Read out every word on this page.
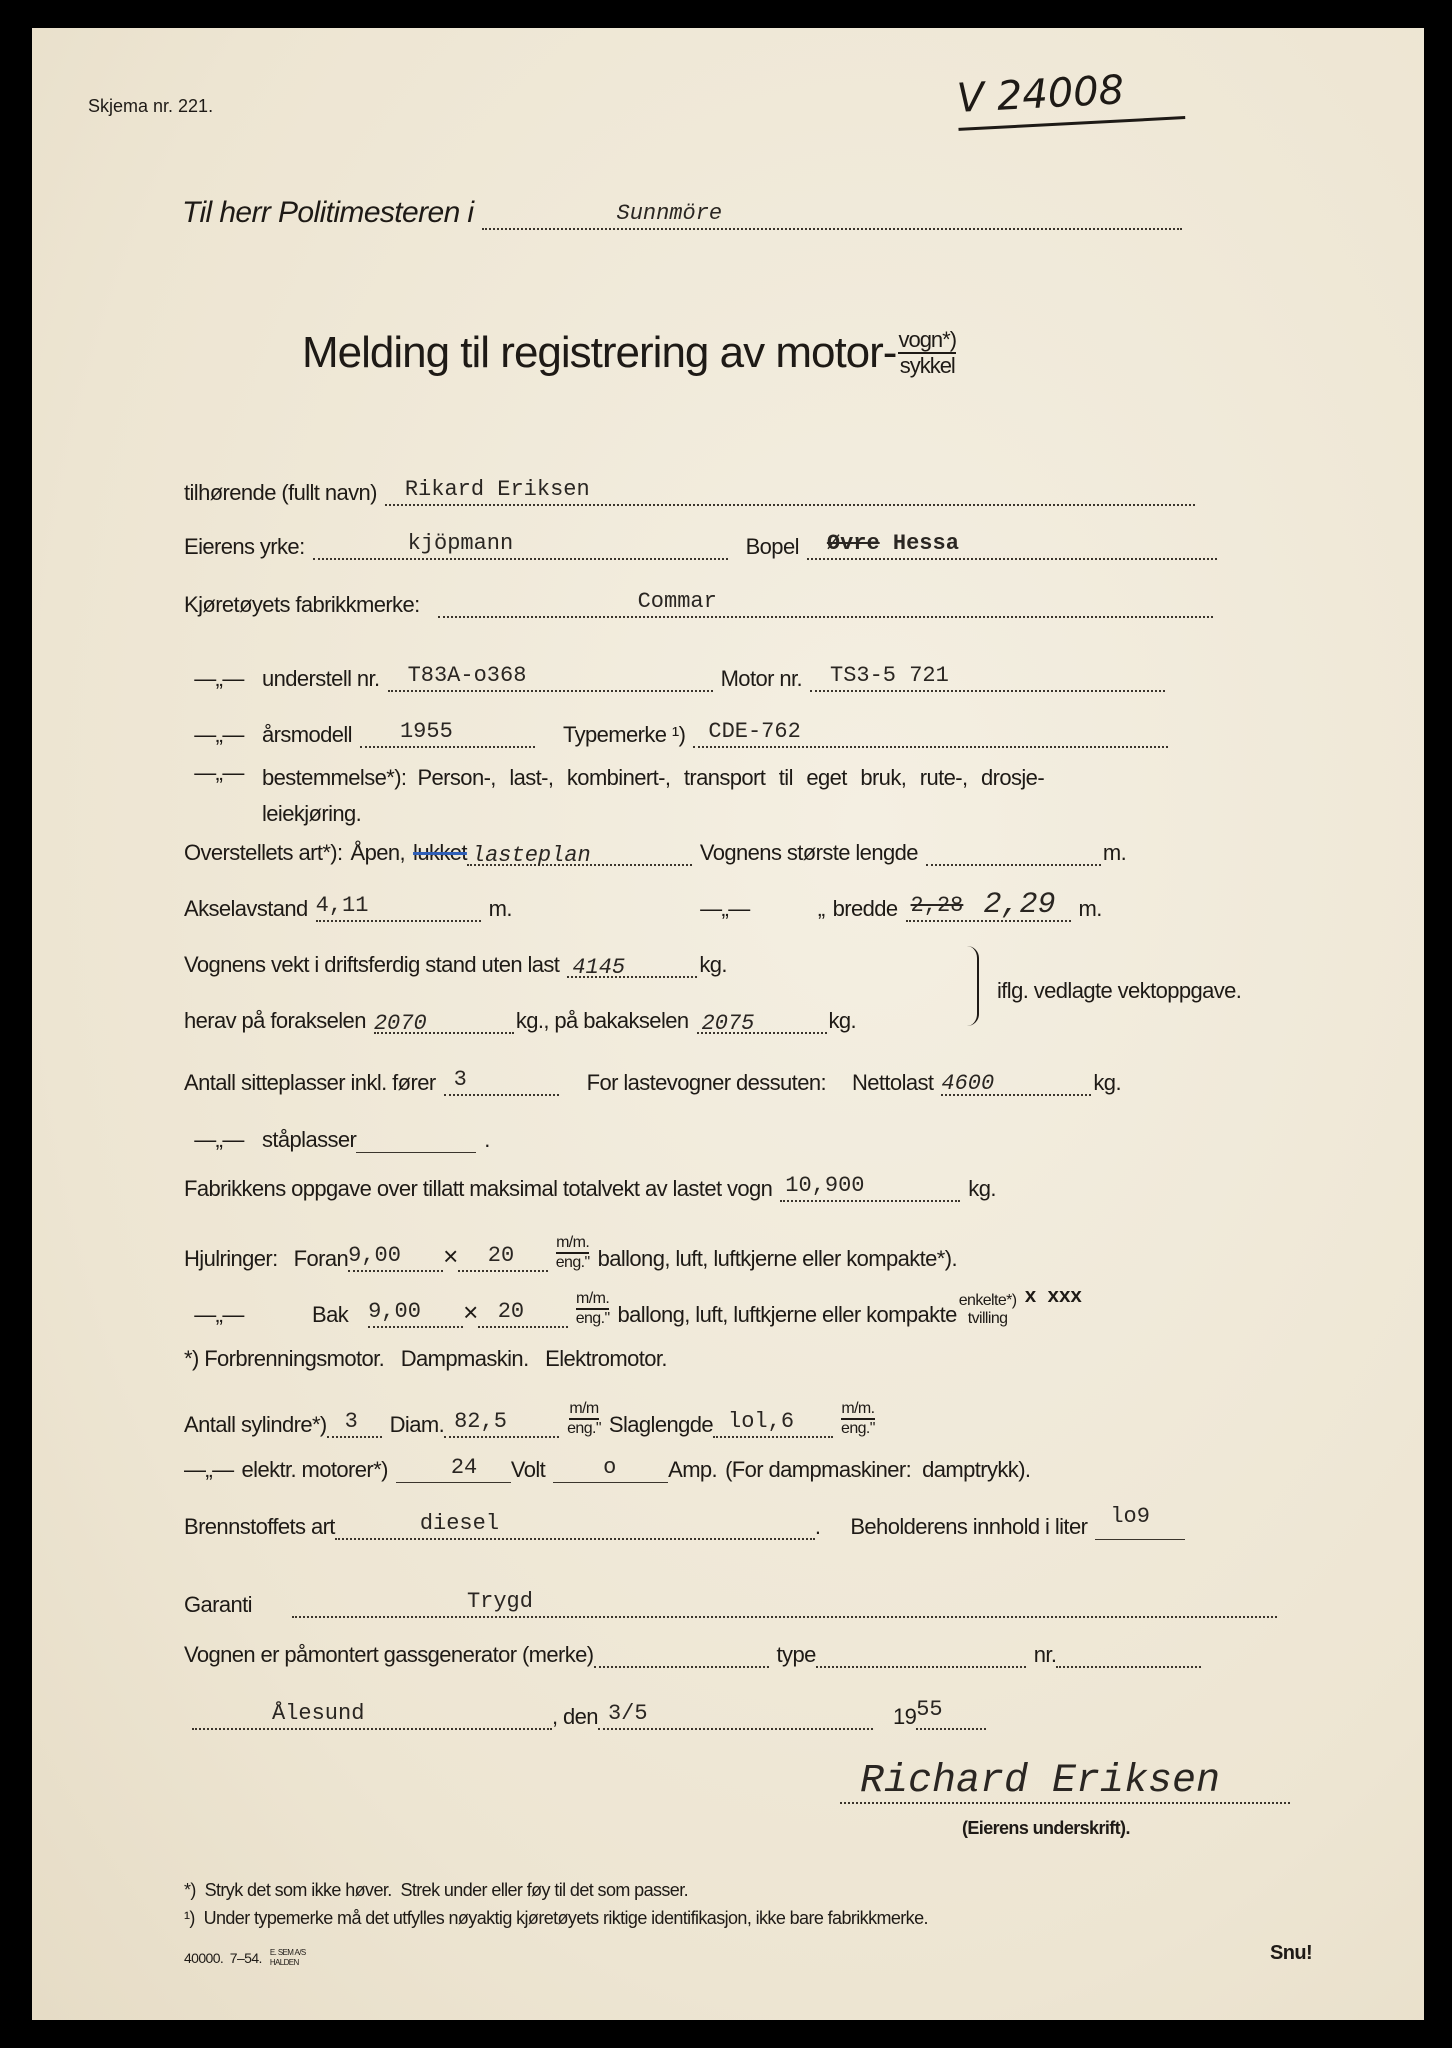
Skjema nr. 221.	V 24008
Til herr Politimesteren i	Sunnmöre
Melding til registrering av motor- $\frac{\text{vogn*)}}{\text{sykkel}}$
tilhørende (fullt navn) Rikard Eriksen
Eierens yrke:	kjöpmann	Bopel Øvre Hessa
Kjøretøyets fabrikkmerke:	Commar
—„— understell nr. T83A-o368	Motor nr. TS3-5 721
—„— årsmodell 1955	Typemerke ¹) CDE-762
—„— bestemmelse*): Person-, last-, kombinert-, transport til eget bruk, rute-, drosje-
leiekjøring.
Overstellets art*): Åpen, lukket lasteplan	Vognens største lengde	m.
Akselavstand 4,11	m.	—„—	„ bredde 2,28 2,29 m.
Vognens vekt i driftsferdig stand uten last 4145	kg.
herav på forakselen 2070	kg., på bakakselen 2075	kg.
iflg. vedlagte vektoppgave.
Antall sitteplasser inkl. fører 3	For lastevogner dessuten: Nettolast 4600	kg.
—„— ståplasser	.
Fabrikkens oppgave over tillatt maksimal totalvekt av lastet vogn 10,900	kg.
Hjulringer: Foran 9,00 × 20	$\frac{m/m.}{\text{eng."}}$ ballong, luft, luftkjerne eller kompakte*).
—„—	Bak 9,00 × 20	$\frac{m/m.}{\text{eng."}}$ ballong, luft, luftkjerne eller kompakte
enkelte*)
tvilling
x xxx
*) Forbrenningsmotor.   Dampmaskin.   Elektromotor.
Antall sylindre*) 3 Diam. 82,5	$\frac{m/m}{\text{eng."}}$ Slaglengde lol,6	$\frac{m/m.}{\text{eng."}}$
—„— elektr. motorer*)	24 Volt	o Amp. (For dampmaskiner:  damptrykk).
Brennstoffets art	diesel	. Beholderens innhold i liter lo9
Garanti	Trygd
Vognen er påmontert gassgenerator (merke)	type	nr.
Ålesund	, den 3/5	19 55
Richard Eriksen
(Eierens underskrift).
*)  Stryk det som ikke høver.  Strek under eller føy til det som passer.
¹)  Under typemerke må det utfylles nøyaktig kjøretøyets riktige identifikasjon, ikke bare fabrikkmerke.
40000.  7–54. E. SEM A/S
HALDEN	Snu!
